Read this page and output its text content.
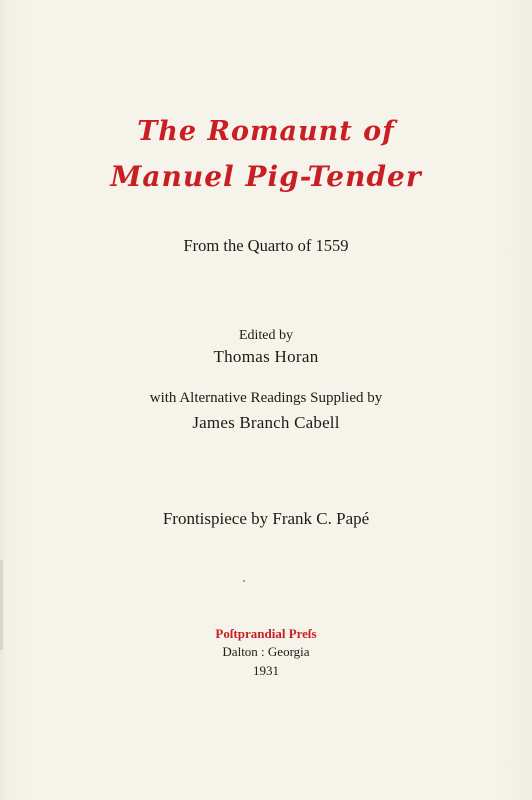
The Romaunt of
Manuel Pig-Tender
From the Quarto of 1559
Edited by
Thomas Horan
with Alternative Readings Supplied by
James Branch Cabell
Frontispiece by Frank C. Papé
Poſtprandial Preſs
Dalton : Georgia
1931
